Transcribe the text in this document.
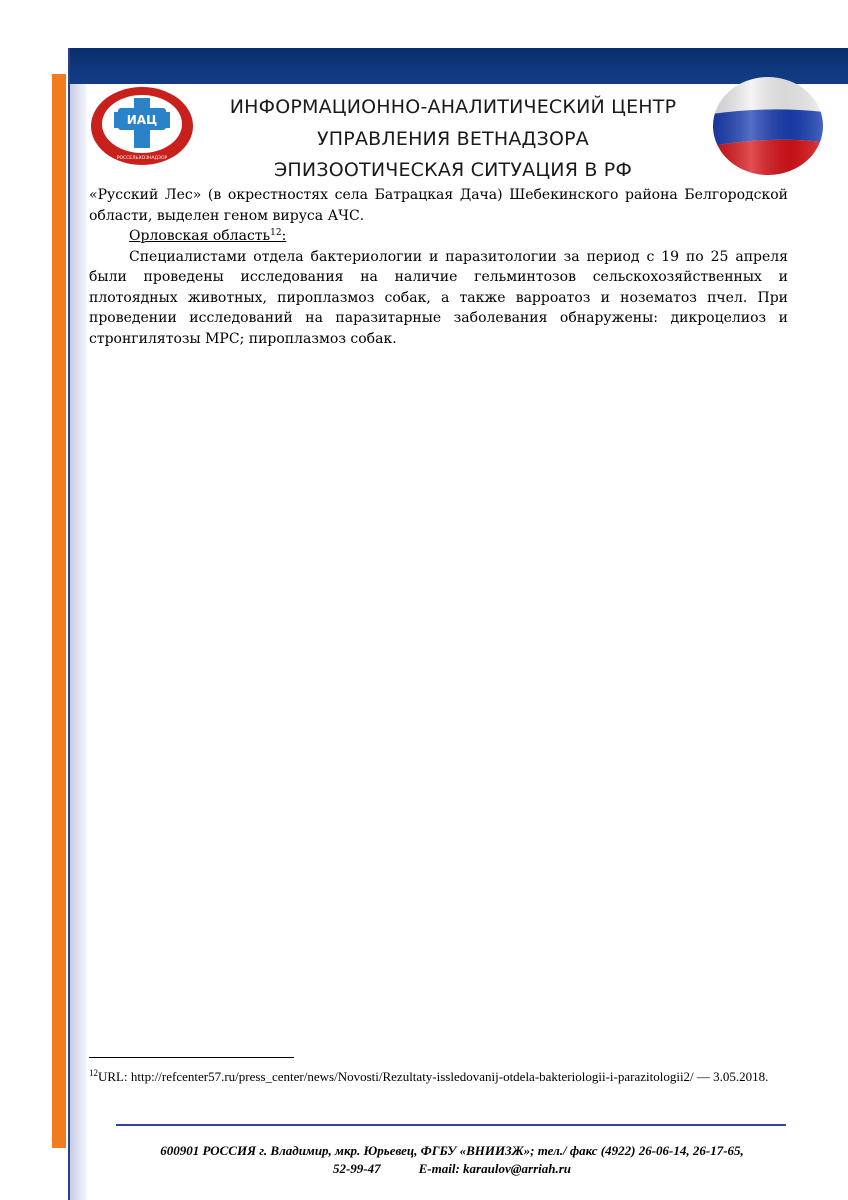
ИАЦ
РОССЕЛЬХОЗНАДЗОР
ИНФОРМАЦИОННО-АНАЛИТИЧЕСКИЙ ЦЕНТР
УПРАВЛЕНИЯ ВЕТНАДЗОРА
ЭПИЗООТИЧЕСКАЯ СИТУАЦИЯ В РФ

«Русский Лес» (в окрестностях села Батрацкая Дача) Шебекинского района Белгородской области, выделен геном вируса АЧС.

Орловская область$^{12}$:

Специалистами отдела бактериологии и паразитологии за период с 19 по 25 апреля были проведены исследования на наличие гельминтозов сельскохозяйственных и плотоядных животных, пироплазмоз собак, а также варроатоз и нозематоз пчел. При проведении исследований на паразитарные заболевания обнаружены: дикроцелиоз и стронгилятозы МРС; пироплазмоз собак.

$^{12}$URL: http://refcenter57.ru/press_center/news/Novosti/Rezultaty-issledovanij-otdela-bakteriologii-i-parazitologii2/ — 3.05.2018.
600901 РОССИЯ г. Владимир, мкр. Юрьевец, ФГБУ «ВНИИЗЖ»; тел./ факс (4922) 26-06-14, 26-17-65,
52-99-47	E-mail: karaulov@arriah.ru
